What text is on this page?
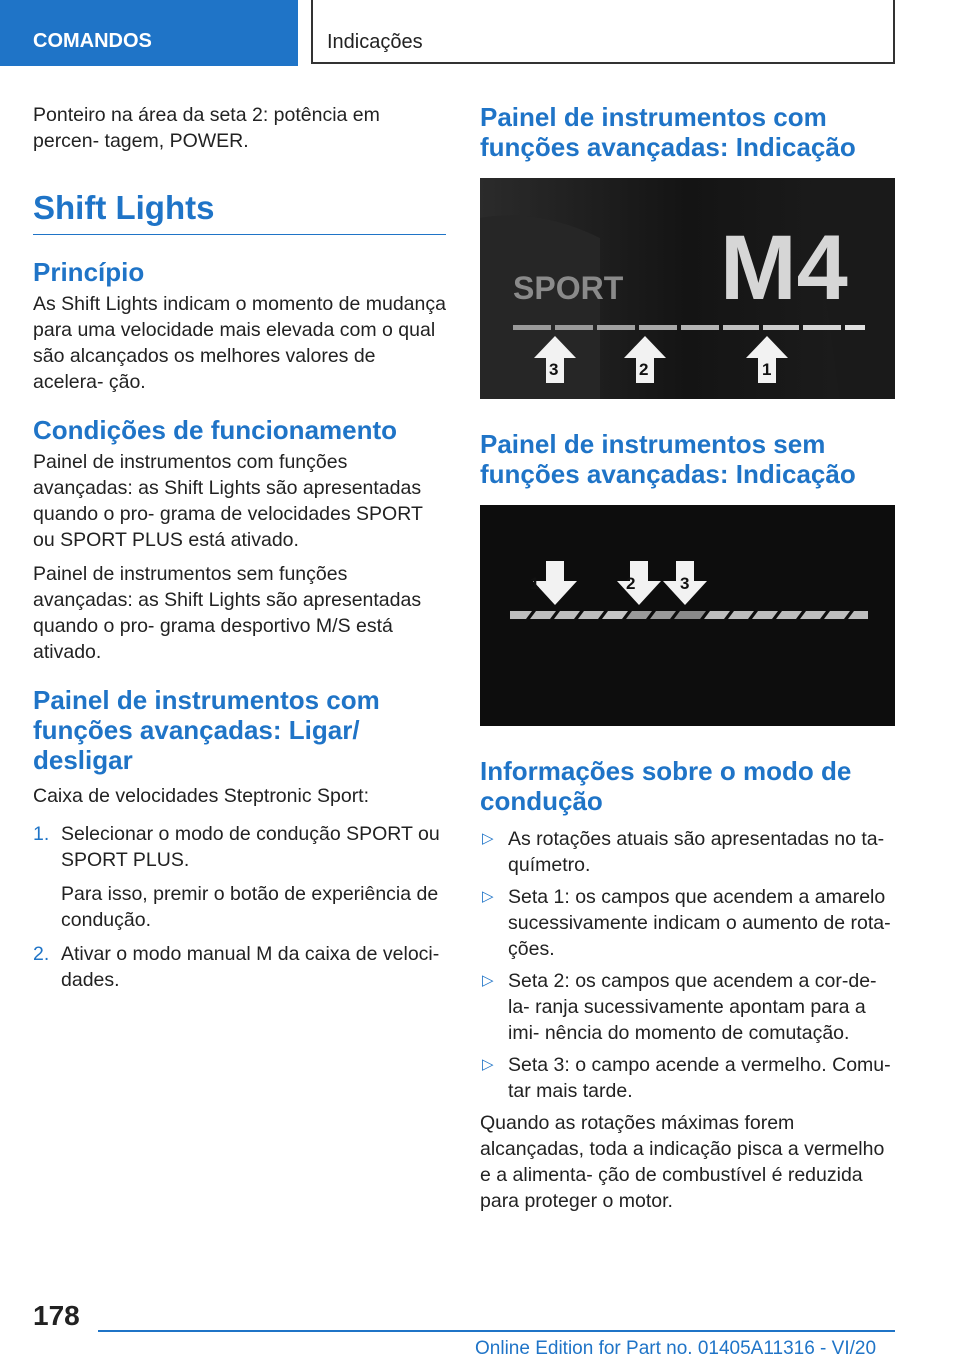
COMANDOS	Indicações

Ponteiro na área da seta 2: potência em percen‐ tagem, POWER.

Shift Lights
Princípio

As Shift Lights indicam o momento de mudança para uma velocidade mais elevada com o qual são alcançados os melhores valores de acelera‐ ção.

Condições de funcionamento

Painel de instrumentos com funções avançadas: as Shift Lights são apresentadas quando o pro‐ grama de velocidades SPORT ou SPORT PLUS está ativado.

Painel de instrumentos sem funções avançadas: as Shift Lights são apresentadas quando o pro‐ grama desportivo M/S está ativado.

Painel de instrumentos com funções avançadas: Ligar/ desligar

Caixa de velocidades Steptronic Sport:

1. Selecionar o modo de condução SPORT ou SPORT PLUS.
Para isso, premir o botão de experiência de condução.
2. Ativar o modo manual M da caixa de veloci‐ dades.
Painel de instrumentos com funções avançadas: Indicação
SPORT M4
3	2	1
Painel de instrumentos sem funções avançadas: Indicação
1	2	3
Informações sobre o modo de condução
▷ As rotações atuais são apresentadas no ta‐ químetro.
▷ Seta 1: os campos que acendem a amarelo sucessivamente indicam o aumento de rota‐ ções.
▷ Seta 2: os campos que acendem a cor-de-la‐ ranja sucessivamente apontam para a imi‐ nência do momento de comutação.
▷ Seta 3: o campo acende a vermelho. Comu‐ tar mais tarde.

Quando as rotações máximas forem alcançadas, toda a indicação pisca a vermelho e a alimenta‐ ção de combustível é reduzida para proteger o motor.

178
Online Edition for Part no. 01405A11316 - VI/20
